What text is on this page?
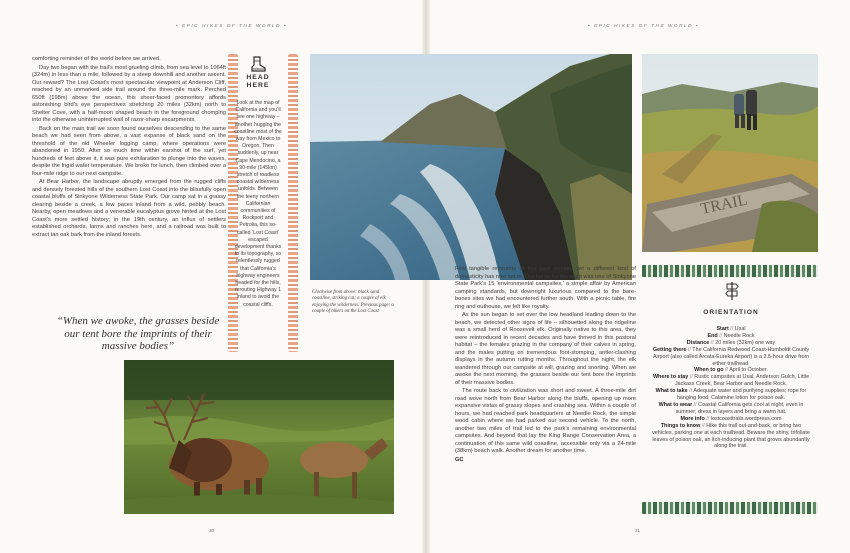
• EPIC HIKES OF THE WORLD •	• EPIC HIKES OF THE WORLD •

comforting reminder of the world before we arrived.

Day two began with the trail’s most grueling climb, from sea level to 1064ft (324m) in less than a mile, followed by a steep downhill and another ascent. Our reward? The Lost Coast’s most spectacular viewpoint at Anderson Cliff, reached by an unmarked side trail around the three-mile mark. Perched 650ft (198m) above the ocean, this sheer-faced promontory affords astonishing bird’s eye perspectives stretching 20 miles (32km) north to Shelter Cove, with a half-moon shaped beach in the foreground chomping into the otherwise uninterrupted wall of razor-sharp escarpments.

Back on the main trail we soon found ourselves descending to the same beach we had seen from above, a vast expanse of black sand on the threshold of the old Wheeler logging camp, where operations were abandoned in 1950. After so much time within earshot of the surf, yet hundreds of feet above it, it was pure exhilaration to plunge into the waves, despite the frigid water temperature. We broke for lunch, then climbed over a four-mile ridge to our next campsite.

At Bear Harbor, the landscape abruptly emerged from the rugged cliffs and densely forested hills of the southern Lost Coast into the blissfully open coastal bluffs of Sinkyone Wilderness State Park. Our camp sat in a grassy clearing beside a creek, a few paces inland from a wild, pebbly beach. Nearby, open meadows and a venerable eucalyptus grove hinted at the Lost Coast’s more settled history; in the 19th century, an influx of settlers established orchards, farms and ranches here, and a railroad was built to extract tan oak bark from the inland forests.

“When we awoke, the grasses beside our tent bore the imprints of their massive bodies”
HEAD
HERE
Look at the map of California and you’ll see one highway – another hugging the coastline most of the way from Mexico to Oregon. Then suddenly, up near Cape Mendocino, a 90-mile (145km) stretch of roadless coastal wilderness unfolds. Between the teeny northern Californian communities of Rockport and Petrolia, this so-called ‘Lost Coast’ escaped development thanks to its topography, so relentlessly rugged that California’s highway engineers headed for the hills, rerouting Highway 1 inland to avoid the coastal cliffs.
Clockwise from above: black sand coastline, striking cat; a couple of elk enjoying the wilderness. Previous page: a couple of hikers on the Lost Coast

Few tangible remnants of this past remain, yet a different kind of domesticity has now set in. Our home for the night was one of Sinkyone State Park’s 15 ‘environmental campsites,’ a simple affair by American camping standards, but downright luxurious compared to the bare-bones sites we had encountered further south. With a picnic table, fire ring and outhouse, we felt like royalty.

As the sun began to set over the low headland leading down to the beach, we detected other signs of life – silhouetted along the ridgeline was a small herd of Roosevelt elk. Originally native to this area, they were reintroduced in recent decades and have thrived in this pastoral habitat – the females grazing in the company of their calves in spring, and the males putting on tremendous foot-stomping, antler-clashing displays in the autumn rutting months. Throughout the night, the elk wandered through our campsite at will, grazing and snorting. When we awoke the next morning, the grasses beside our tent bore the imprints of their massive bodies.

The route back to civilization was short and sweet. A three-mile dirt road wove north from Bear Harbor along the bluffs, opening up more expansive vistas of grassy slopes and crashing sea. Within a couple of hours, we had reached park headquarters at Needle Rock, the simple wood cabin where we had parked our second vehicle. To the north, another two miles of trail led to the park’s remaining environmental campsites. And beyond that lay the King Range Conservation Area, a continuation of this same wild coastline, accessible only via a 24-mile (38km) beach walk. Another dream for another time.

GC
TRAIL
ORIENTATION
Start // Usal
End // Needle Rock
Distance // 20 miles (32km) one way
Getting there // The California Redwood Coast-Humboldt County Airport (also called Arcata-Eureka Airport) is a 2.5-hour drive from either trailhead.
When to go // April to October.
Where to stay // Rustic campsites at Usal, Anderson Gulch, Little Jackass Creek, Bear Harbor and Needle Rock.
What to take // Adequate water and purifying supplies; rope for hanging food; Calamine lotion for poison oak.
What to wear // Coastal California gets cool at night, even in summer; dress in layers and bring a warm hat.
More info // lostcoasttrails.wordpress.com
Things to know // Hike this trail out-and-back, or bring two vehicles, parking one at each trailhead. Beware the shiny, trifoliate leaves of poison oak, an itch-inducing plant that grows abundantly along the trail.
30	31
